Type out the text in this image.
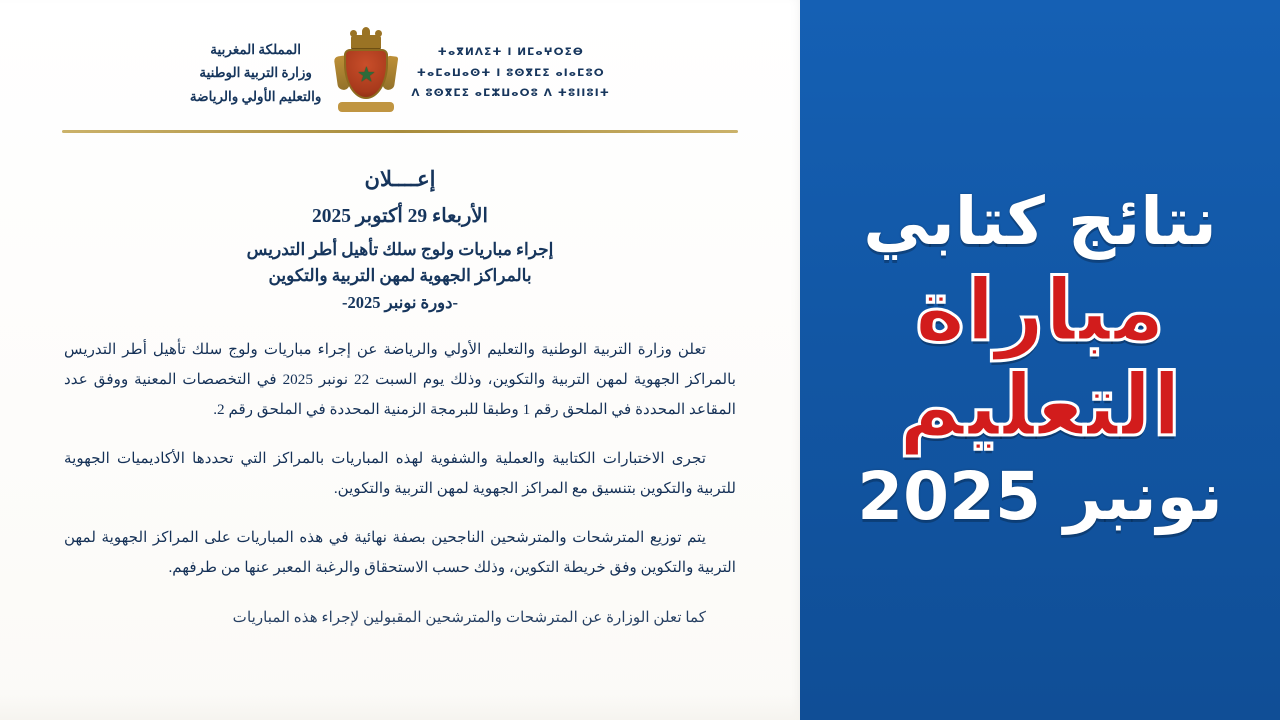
ⵜⴰⴳⵍⴷⵉⵜ ⵏ ⵍⵎⴰⵖⵔⵉⴱ
ⵜⴰⵎⴰⵡⴰⵙⵜ ⵏ ⵓⵙⴳⵎⵉ ⴰⵏⴰⵎⵓⵔ
ⴷ ⵓⵙⴳⵎⵉ ⴰⵎⵣⵡⴰⵔⵓ ⴷ ⵜⵓⵏⵏⵓⵏⵜ
★
المملكة المغربية
وزارة التربية الوطنية
والتعليم الأولي والرياضة
إعــــلان
الأربعاء 29 أكتوبر 2025
إجراء مباريات ولوج سلك تأهيل أطر التدريس
بالمراكز الجهوية لمهن التربية والتكوين
-دورة نونبر 2025-

تعلن وزارة التربية الوطنية والتعليم الأولي والرياضة عن إجراء مباريات ولوج سلك تأهيل أطر التدريس بالمراكز الجهوية لمهن التربية والتكوين، وذلك يوم السبت 22 نونبر 2025 في التخصصات المعنية ووفق عدد المقاعد المحددة في الملحق رقم 1 وطبقا للبرمجة الزمنية المحددة في الملحق رقم 2.

تجرى الاختبارات الكتابية والعملية والشفوية لهذه المباريات بالمراكز التي تحددها الأكاديميات الجهوية للتربية والتكوين بتنسيق مع المراكز الجهوية لمهن التربية والتكوين.

يتم توزيع المترشحات والمترشحين الناجحين بصفة نهائية في هذه المباريات على المراكز الجهوية لمهن التربية والتكوين وفق خريطة التكوين، وذلك حسب الاستحقاق والرغبة المعبر عنها من طرفهم.

كما تعلن الوزارة عن المترشحات والمترشحين المقبولين لإجراء هذه المباريات

نتائج كتابي
مباراة
التعليم
نونبر 2025
